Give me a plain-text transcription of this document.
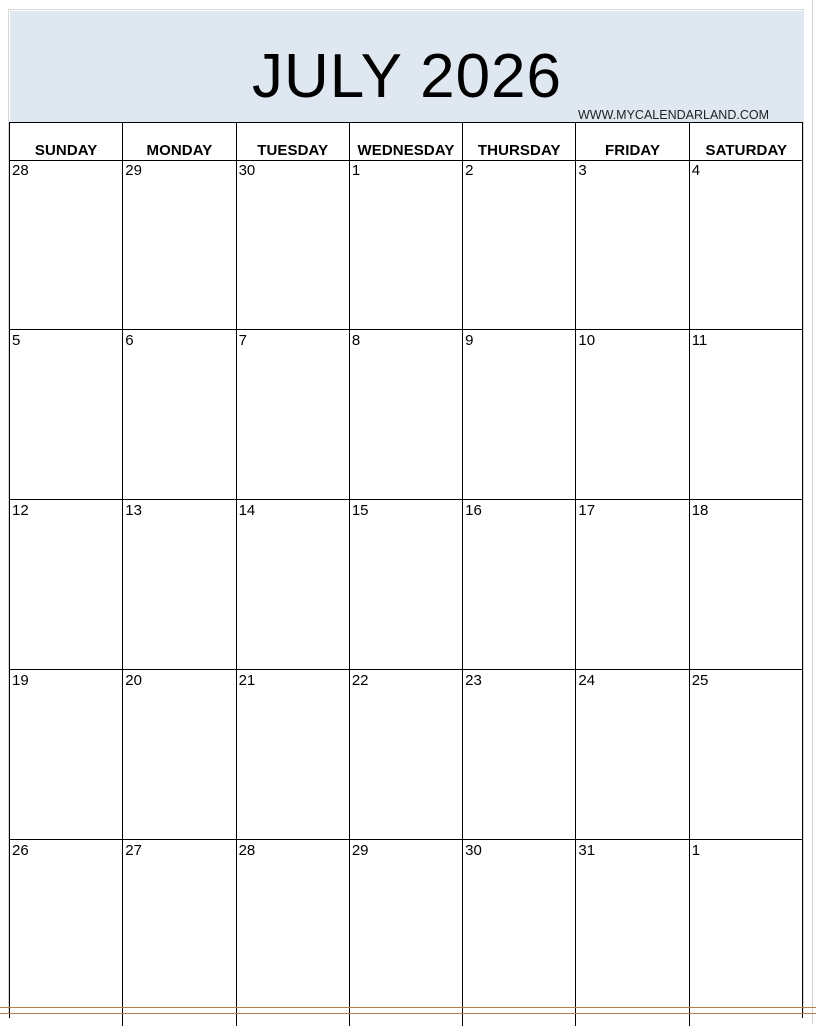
JULY 2026
WWW.MYCALENDARLAND.COM
SUNDAY	MONDAY	TUESDAY	WEDNESDAY	THURSDAY	FRIDAY	SATURDAY
28	29	30	1	2	3	4
5	6	7	8	9	10	11
12	13	14	15	16	17	18
19	20	21	22	23	24	25
26	27	28	29	30	31	1
